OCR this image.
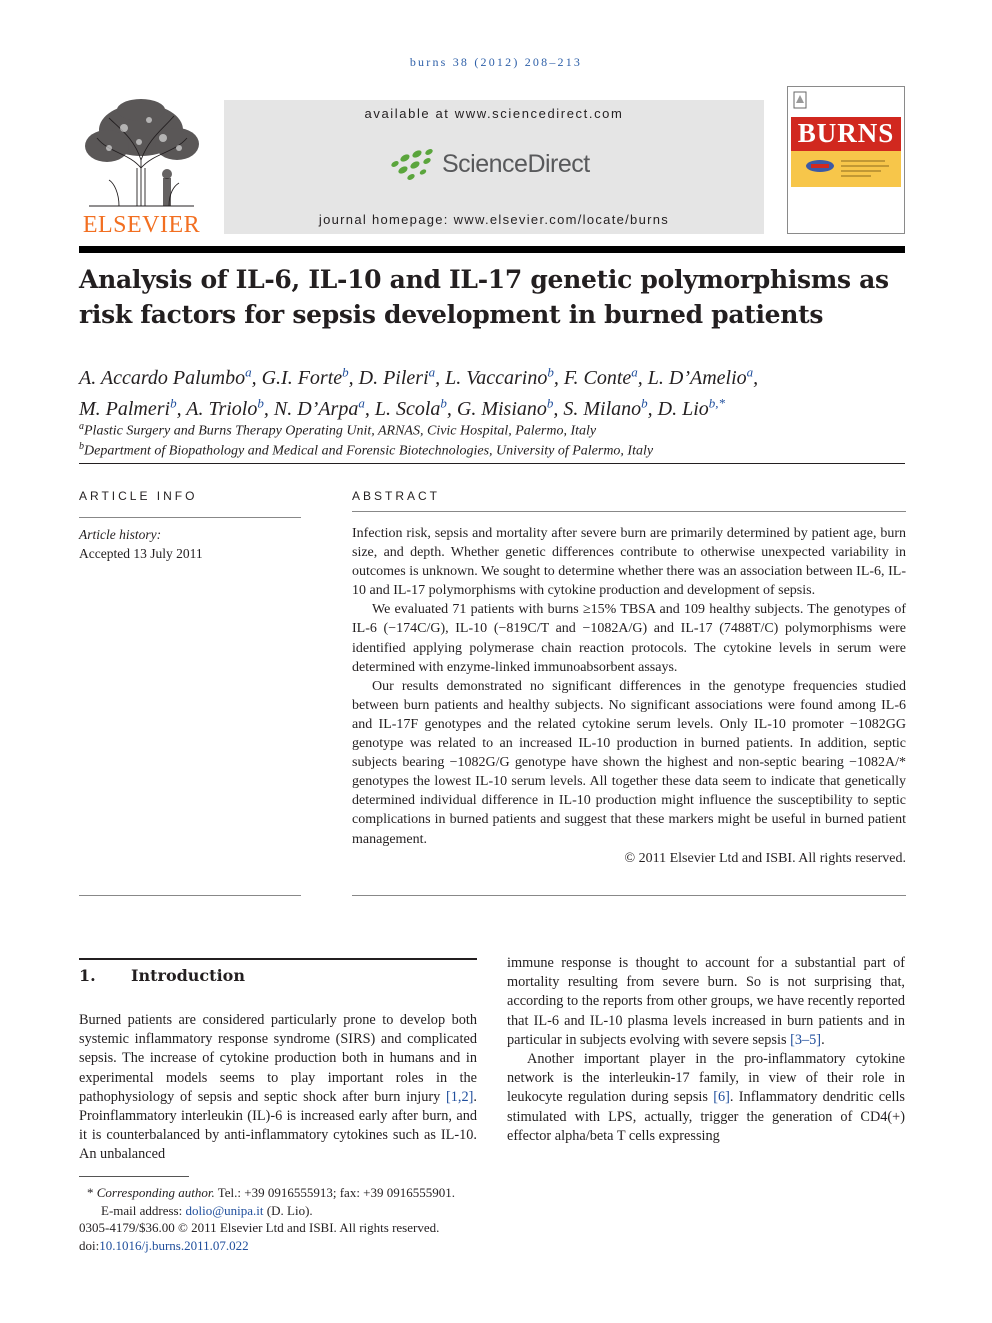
burns 38 (2012) 208–213
ELSEVIER
available at www.sciencedirect.com
ScienceDirect
journal homepage: www.elsevier.com/locate/burns
BURNS
Analysis of IL-6, IL-10 and IL-17 genetic polymorphisms as risk factors for sepsis development in burned patients
A. Accardo Palumbo$^a$, G.I. Forte$^b$, D. Pileri$^a$, L. Vaccarino$^b$, F. Conte$^a$, L. D’Amelio$^a$,
M. Palmeri$^b$, A. Triolo$^b$, N. D’Arpa$^a$, L. Scola$^b$, G. Misiano$^b$, S. Milano$^b$, D. Lio$^{b,*}$
$^a$Plastic Surgery and Burns Therapy Operating Unit, ARNAS, Civic Hospital, Palermo, Italy
$^b$Department of Biopathology and Medical and Forensic Biotechnologies, University of Palermo, Italy
ARTICLE INFO
Article history:
Accepted 13 July 2011
ABSTRACT

Infection risk, sepsis and mortality after severe burn are primarily determined by patient age, burn size, and depth. Whether genetic differences contribute to otherwise unexpected variability in outcomes is unknown. We sought to determine whether there was an association between IL-6, IL-10 and IL-17 polymorphisms with cytokine production and development of sepsis.

We evaluated 71 patients with burns ≥15% TBSA and 109 healthy subjects. The genotypes of IL-6 (−174C/G), IL-10 (−819C/T and −1082A/G) and IL-17 (7488T/C) polymorphisms were identified applying polymerase chain reaction protocols. The cytokine levels in serum were determined with enzyme-linked immunoabsorbent assays.

Our results demonstrated no significant differences in the genotype frequencies studied between burn patients and healthy subjects. No significant associations were found among IL-6 and IL-17F genotypes and the related cytokine serum levels. Only IL-10 promoter −1082GG genotype was related to an increased IL-10 production in burned patients. In addition, septic subjects bearing −1082G/G genotype have shown the highest and non-septic bearing −1082A/* genotypes the lowest IL-10 serum levels. All together these data seem to indicate that genetically determined individual difference in IL-10 production might influence the susceptibility to septic complications in burned patients and suggest that these markers might be useful in burned patient management.

© 2011 Elsevier Ltd and ISBI. All rights reserved.
1. Introduction

Burned patients are considered particularly prone to develop both systemic inflammatory response syndrome (SIRS) and complicated sepsis. The increase of cytokine production both in humans and in experimental models seems to play important roles in the pathophysiology of sepsis and septic shock after burn injury [1,2]. Proinflammatory interleukin (IL)-6 is increased early after burn, and it is counterbalanced by anti-inflammatory cytokines such as IL-10. An unbalanced

immune response is thought to account for a substantial part of mortality resulting from severe burn. So is not surprising that, according to the reports from other groups, we have recently reported that IL-6 and IL-10 plasma levels increased in burn patients and in particular in subjects evolving with severe sepsis [3–5].

Another important player in the pro-inflammatory cytokine network is the interleukin-17 family, in view of their role in leukocyte regulation during sepsis [6]. Inflammatory dendritic cells stimulated with LPS, actually, trigger the generation of CD4(+) effector alpha/beta T cells expressing

* Corresponding author. Tel.: +39 0916555913; fax: +39 0916555901.
E-mail address: dolio@unipa.it (D. Lio).
0305-4179/$36.00 © 2011 Elsevier Ltd and ISBI. All rights reserved.
doi:10.1016/j.burns.2011.07.022
